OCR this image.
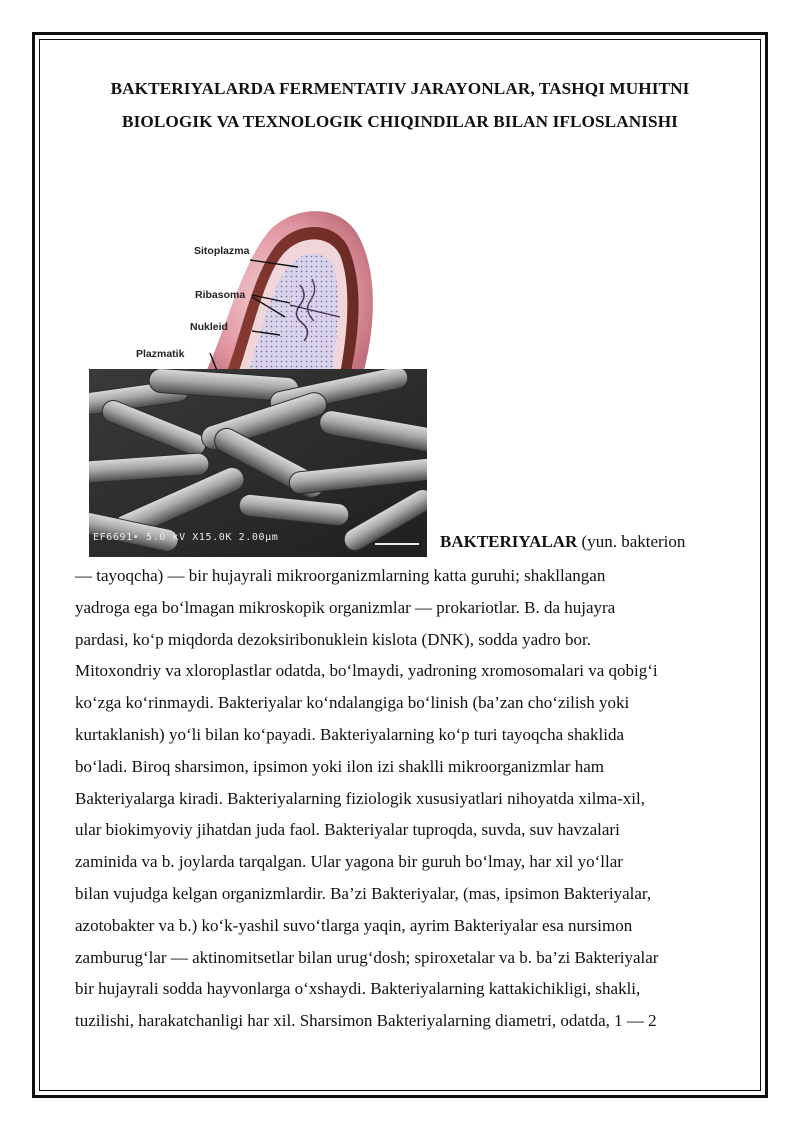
BAKTERIYALARDA FERMENTATIV JARAYONLAR, TASHQI MUHITNI
BIOLOGIK VA TEXNOLOGIK CHIQINDILAR BILAN IFLOSLANISHI
Sitoplazma
Ribasoma
Nukleid
Plazmatik
EF6691• 5.0 kV X15.0K 2.00µm	BAKTERIYALAR (yun. bakterion

— tayoqcha) — bir hujayrali mikroorganizmlarning katta guruhi; shakllangan
yadroga ega bo‘lmagan mikroskopik organizmlar — prokariotlar. B. da hujayra
pardasi, ko‘p miqdorda dezoksiribonuklein kislota (DNK), sodda yadro bor.
Mitoxondriy va xloroplastlar odatda, bo‘lmaydi, yadroning xromosomalari va qobig‘i
ko‘zga ko‘rinmaydi. Bakteriyalar ko‘ndalangiga bo‘linish (ba’zan cho‘zilish yoki
kurtaklanish) yo‘li bilan ko‘payadi. Bakteriyalarning ko‘p turi tayoqcha shaklida
bo‘ladi. Biroq sharsimon, ipsimon yoki ilon izi shaklli mikroorganizmlar ham
Bakteriyalarga kiradi. Bakteriyalarning fiziologik xususiyatlari nihoyatda xilma-xil,
ular biokimyoviy jihatdan juda faol. Bakteriyalar tuproqda, suvda, suv havzalari
zaminida va b. joylarda tarqalgan. Ular yagona bir guruh bo‘lmay, har xil yo‘llar
bilan vujudga kelgan organizmlardir. Ba’zi Bakteriyalar, (mas, ipsimon Bakteriyalar,
azotobakter va b.) ko‘k-yashil suvo‘tlarga yaqin, ayrim Bakteriyalar esa nursimon
zamburug‘lar — aktinomitsetlar bilan urug‘dosh; spiroxetalar va b. ba’zi Bakteriyalar
bir hujayrali sodda hayvonlarga o‘xshaydi. Bakteriyalarning kattakichikligi, shakli,
tuzilishi, harakatchanligi har xil. Sharsimon Bakteriyalarning diametri, odatda, 1 — 2
